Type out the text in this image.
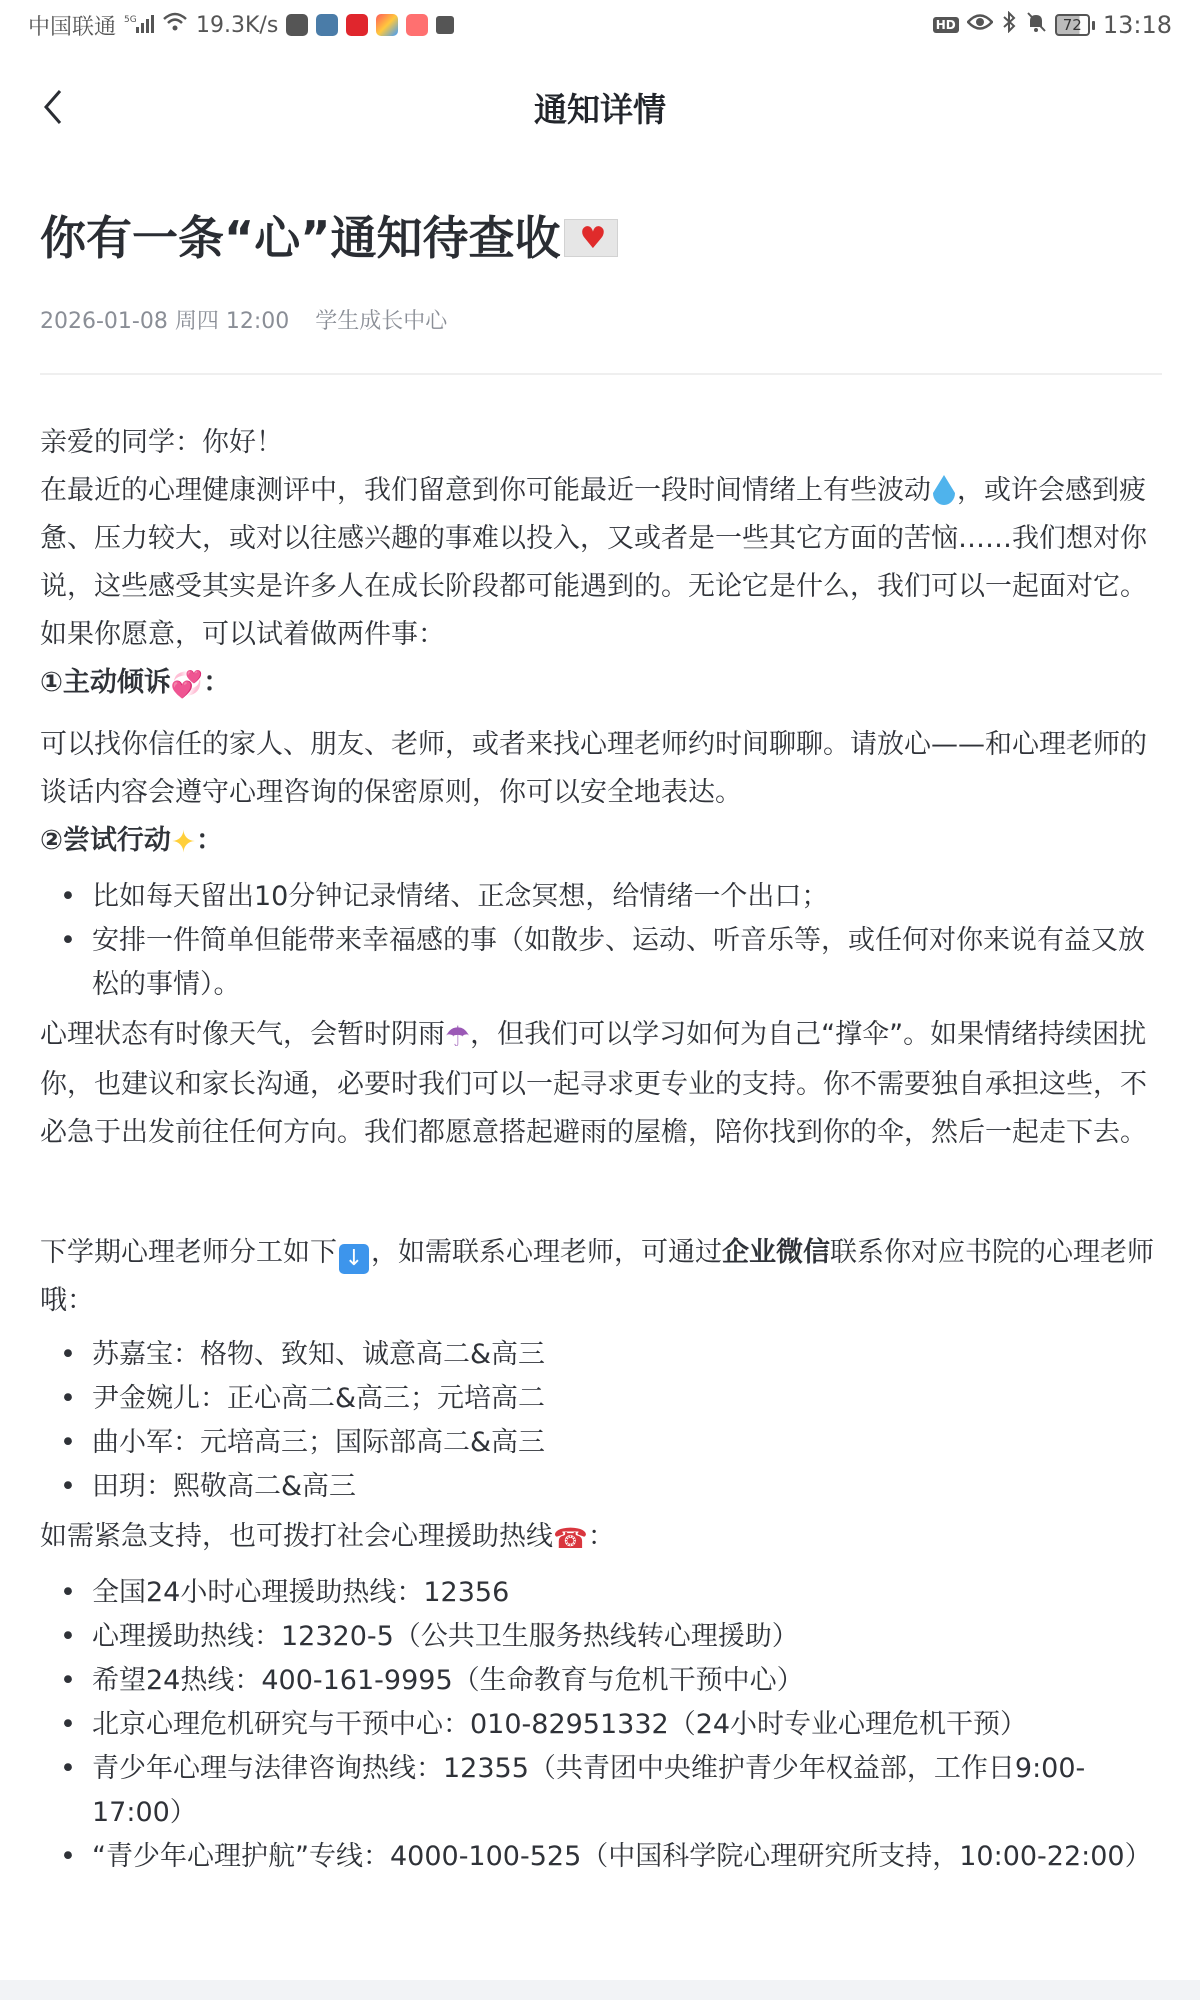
中国联通 5G	19.3K/s	HD	72 13:18
通知详情
你有一条“心”通知待查收
♥
2026-01-08 周四 12:00 学生成长中心

亲爱的同学：你好！

在最近的心理健康测评中，我们留意到你可能最近一段时间情绪上有些波动 ，或许会感到疲惫、压力较大，或对以往感兴趣的事难以投入，又或者是一些其它方面的苦恼……我们想对你说，这些感受其实是许多人在成长阶段都可能遇到的。无论它是什么，我们可以一起面对它。

如果你愿意，可以试着做两件事：

①主动倾诉💞：

可以找你信任的家人、朋友、老师，或者来找心理老师约时间聊聊。请放心——和心理老师的谈话内容会遵守心理咨询的保密原则，你可以安全地表达。

②尝试行动✦：

• 比如每天留出10分钟记录情绪、正念冥想，给情绪一个出口；
• 安排一件简单但能带来幸福感的事（如散步、运动、听音乐等，或任何对你来说有益又放松的事情）。

心理状态有时像天气，会暂时阴雨☂，但我们可以学习如何为自己“撑伞”。如果情绪持续困扰你，也建议和家长沟通，必要时我们可以一起寻求更专业的支持。你不需要独自承担这些，不必急于出发前往任何方向。我们都愿意搭起避雨的屋檐，陪你找到你的伞，然后一起走下去。

下学期心理老师分工如下 ↓ ，如需联系心理老师，可通过企业微信联系你对应书院的心理老师哦：

• 苏嘉宝：格物、致知、诚意高二&高三
• 尹金婉儿：正心高二&高三；元培高二
• 曲小军：元培高三；国际部高二&高三
• 田玥：熙敬高二&高三

如需紧急支持，也可拨打社会心理援助热线☎：

• 全国24小时心理援助热线：12356
• 心理援助热线：12320-5（公共卫生服务热线转心理援助）
• 希望24热线：400-161-9995（生命教育与危机干预中心）
• 北京心理危机研究与干预中心：010-82951332（24小时专业心理危机干预）
• 青少年心理与法律咨询热线：12355（共青团中央维护青少年权益部，工作日9:00-17:00）
• “青少年心理护航”专线：4000-100-525（中国科学院心理研究所支持，10:00-22:00）
